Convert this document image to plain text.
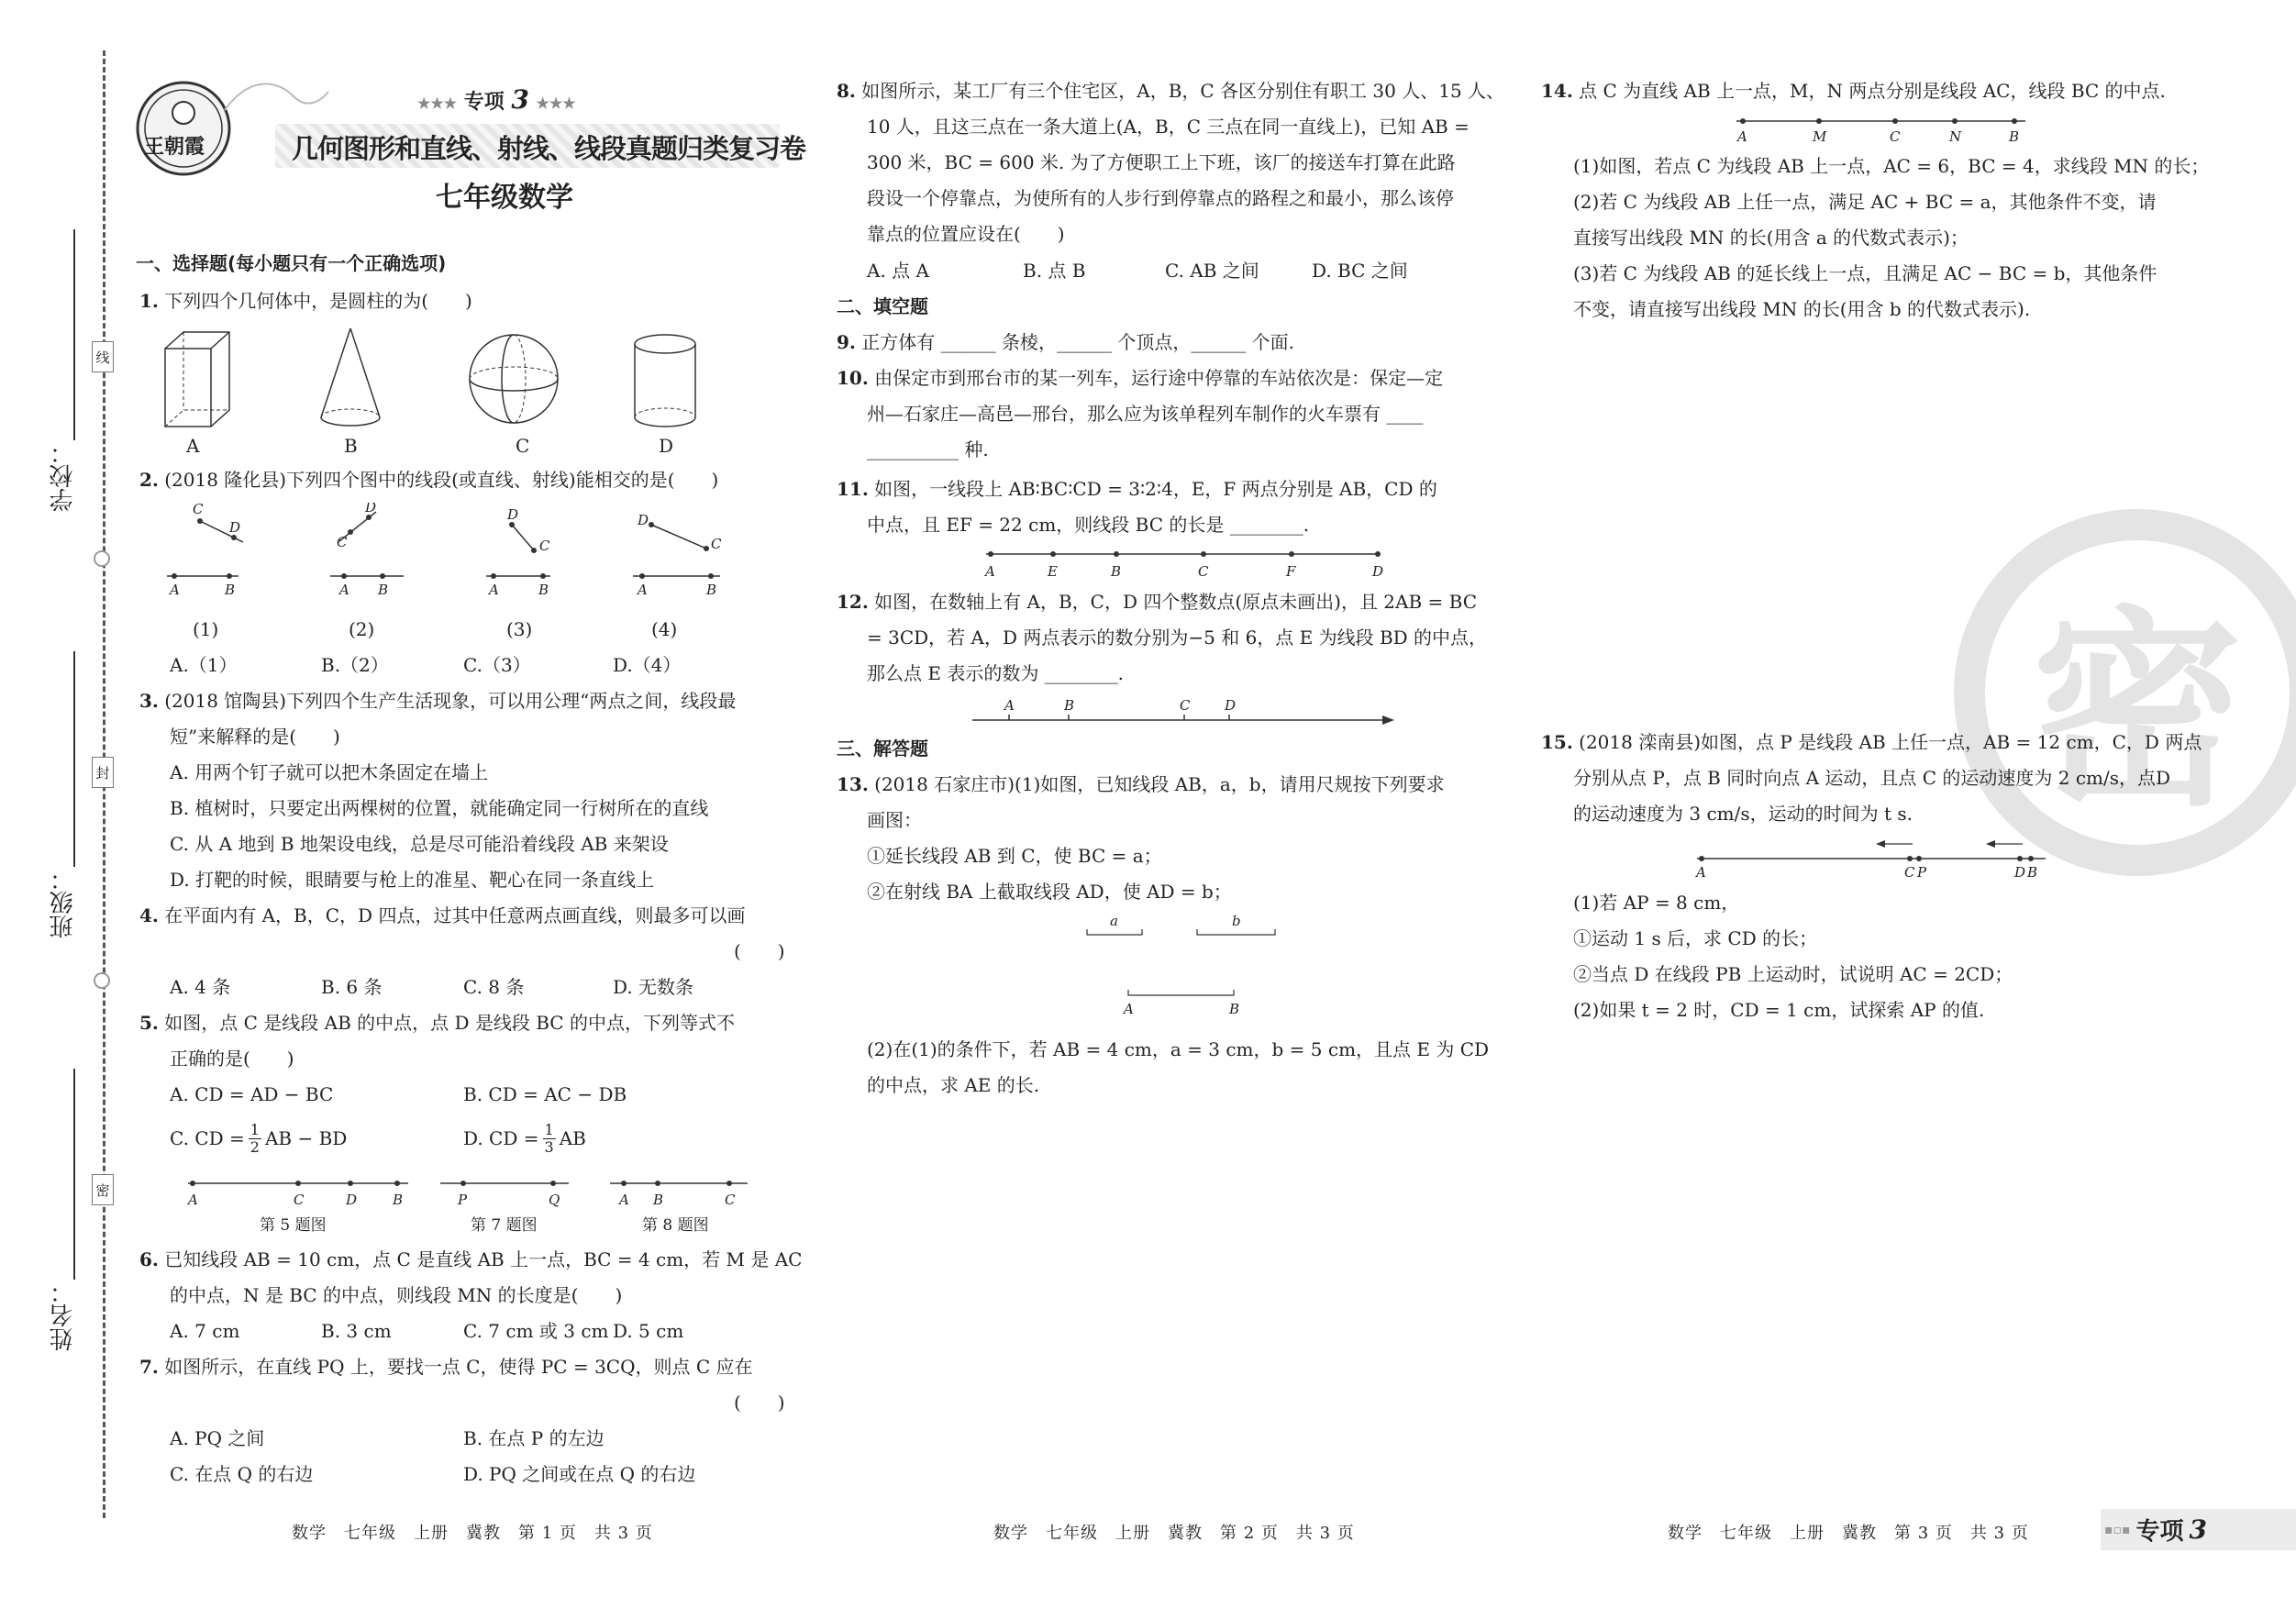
线
封
密
学校：
班级：
姓名：
王朝霞
★★★ 专项 3 ★★★
几何图形和直线、射线、线段真题归类复习卷
七年级数学
一、选择题(每小题只有一个正确选项)
1. 下列四个几何体中，是圆柱的为(　　)
A	B	C	D
2. (2018 隆化县)下列四个图中的线段(或直线、射线)能相交的是(　　)
A	B
C
D
A B
C
D
A	B
D
C
A	B
D
C
(1)	(2)	(3)	(4)
A.（1）	B.（2）	C.（3）	D.（4）
3. (2018 馆陶县)下列四个生产生活现象，可以用公理“两点之间，线段最
短”来解释的是(　　)
A. 用两个钉子就可以把木条固定在墙上
B. 植树时，只要定出两棵树的位置，就能确定同一行树所在的直线
C. 从 A 地到 B 地架设电线，总是尽可能沿着线段 AB 来架设
D. 打靶的时候，眼睛要与枪上的准星、靶心在同一条直线上
4. 在平面内有 A，B，C，D 四点，过其中任意两点画直线，则最多可以画
(　　)
A. 4 条	B. 6 条	C. 8 条	D. 无数条
5. 如图，点 C 是线段 AB 的中点，点 D 是线段 BC 的中点，下列等式不
正确的是(　　)
A. CD = AD − BC	B. CD = AC − DB
C. CD = $\frac{1}{2}$ AB − BD	D. CD = $\frac{1}{3}$ AB
A	C	D	B	P	Q	A B	C
第 5 题图	第 7 题图	第 8 题图
6. 已知线段 AB = 10 cm，点 C 是直线 AB 上一点，BC = 4 cm，若 M 是 AC
的中点，N 是 BC 的中点，则线段 MN 的长度是(　　)
A. 7 cm	B. 3 cm	C. 7 cm 或 3 cm D. 5 cm
7. 如图所示，在直线 PQ 上，要找一点 C，使得 PC = 3CQ，则点 C 应在
(　　)
A. PQ 之间	B. 在点 P 的左边
C. 在点 Q 的右边	D. PQ 之间或在点 Q 的右边
数学　七年级　上册　冀教　第 1 页　共 3 页
8. 如图所示，某工厂有三个住宅区，A，B，C 各区分别住有职工 30 人、15 人、
10 人，且这三点在一条大道上(A，B，C 三点在同一直线上)，已知 AB =
300 米，BC = 600 米. 为了方便职工上下班，该厂的接送车打算在此路
段设一个停靠点，为使所有的人步行到停靠点的路程之和最小，那么该停
靠点的位置应设在(　　)
A. 点 A	B. 点 B	C. AB 之间	D. BC 之间
二、填空题
9. 正方体有 ______ 条棱，______ 个顶点，______ 个面.
10. 由保定市到邢台市的某一列车，运行途中停靠的车站依次是：保定—定
州—石家庄—高邑—邢台，那么应为该单程列车制作的火车票有 ____
__________ 种.
11. 如图，一线段上 AB∶BC∶CD = 3∶2∶4，E，F 两点分别是 AB，CD 的
中点，且 EF = 22 cm，则线段 BC 的长是 ________.
A	E	B	C	F	D
12. 如图，在数轴上有 A，B，C，D 四个整数点(原点未画出)，且 2AB = BC
= 3CD，若 A，D 两点表示的数分别为−5 和 6，点 E 为线段 BD 的中点，
那么点 E 表示的数为 ________.
A	B	C	D
三、解答题
13. (2018 石家庄市)(1)如图，已知线段 AB，a，b，请用尺规按下列要求
画图：
①延长线段 AB 到 C，使 BC = a；
②在射线 BA 上截取线段 AD，使 AD = b；
a	b
A	B
(2)在(1)的条件下，若 AB = 4 cm，a = 3 cm，b = 5 cm，且点 E 为 CD
的中点，求 AE 的长.
数学　七年级　上册　冀教　第 2 页　共 3 页
14. 点 C 为直线 AB 上一点，M，N 两点分别是线段 AC，线段 BC 的中点.
A	M	C	N	B
(1)如图，若点 C 为线段 AB 上一点，AC = 6，BC = 4，求线段 MN 的长；
(2)若 C 为线段 AB 上任一点，满足 AC + BC = a，其他条件不变，请
直接写出线段 MN 的长(用含 a 的代数式表示)；
(3)若 C 为线段 AB 的延长线上一点，且满足 AC − BC = b，其他条件
不变，请直接写出线段 MN 的长(用含 b 的代数式表示).
密
15. (2018 滦南县)如图，点 P 是线段 AB 上任一点，AB = 12 cm，C，D 两点
分别从点 P，点 B 同时向点 A 运动，且点 C 的运动速度为 2 cm/s，点D
的运动速度为 3 cm/s，运动的时间为 t s.
A	C P	D B
(1)若 AP = 8 cm，
①运动 1 s 后，求 CD 的长；
②当点 D 在线段 PB 上运动时，试说明 AC = 2CD；
(2)如果 t = 2 时，CD = 1 cm，试探索 AP 的值.
数学　七年级　上册　冀教　第 3 页　共 3 页	▪▫▪ 专项 3
